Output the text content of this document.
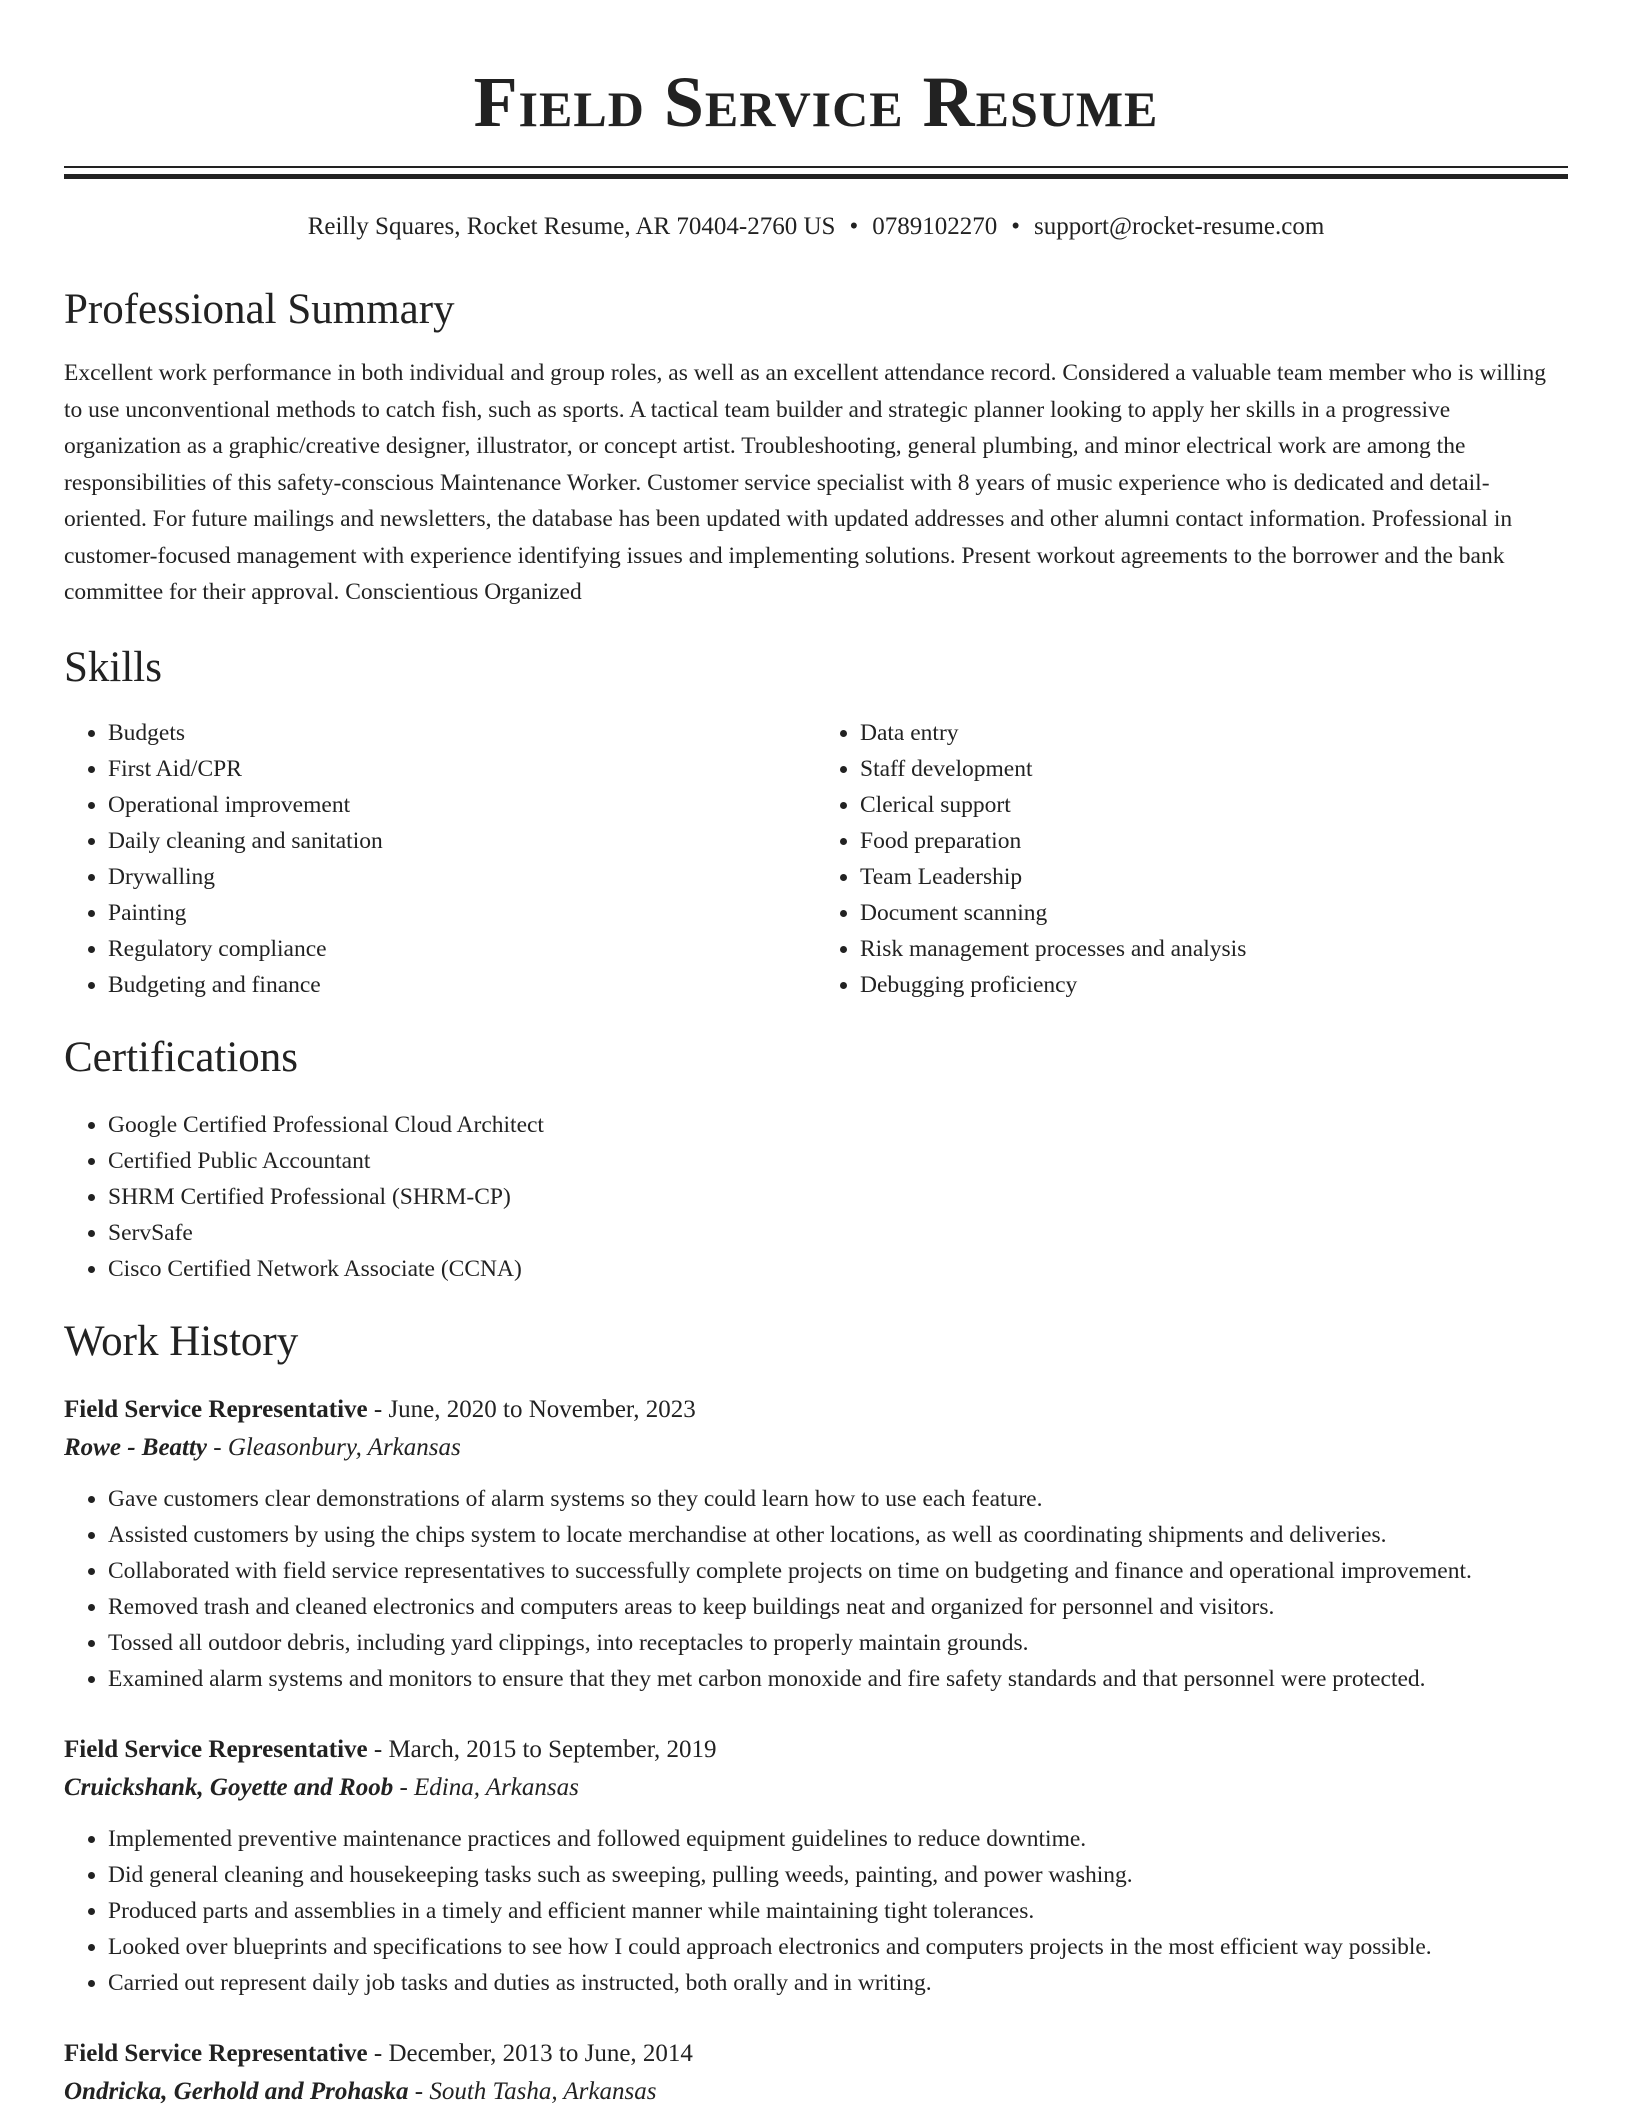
Field Service Resume
Reilly Squares, Rocket Resume, AR 70404-2760 US • 0789102270 • support@rocket-resume.com
Professional Summary
Excellent work performance in both individual and group roles, as well as an excellent attendance record. Considered a valuable team member who is willing to use unconventional methods to catch fish, such as sports. A tactical team builder and strategic planner looking to apply her skills in a progressive organization as a graphic/creative designer, illustrator, or concept artist. Troubleshooting, general plumbing, and minor electrical work are among the responsibilities of this safety-conscious Maintenance Worker. Customer service specialist with 8 years of music experience who is dedicated and detail-oriented. For future mailings and newsletters, the database has been updated with updated addresses and other alumni contact information. Professional in customer-focused management with experience identifying issues and implementing solutions. Present workout agreements to the borrower and the bank committee for their approval. Conscientious Organized
Skills
• Budgets
• First Aid/CPR
• Operational improvement
• Daily cleaning and sanitation
• Drywalling
• Painting
• Regulatory compliance
• Budgeting and finance
• Data entry
• Staff development
• Clerical support
• Food preparation
• Team Leadership
• Document scanning
• Risk management processes and analysis
• Debugging proficiency
Certifications
• Google Certified Professional Cloud Architect
• Certified Public Accountant
• SHRM Certified Professional (SHRM-CP)
• ServSafe
• Cisco Certified Network Associate (CCNA)
Work History
Field Service Representative - June, 2020 to November, 2023
Rowe - Beatty - Gleasonbury, Arkansas
• Gave customers clear demonstrations of alarm systems so they could learn how to use each feature.
• Assisted customers by using the chips system to locate merchandise at other locations, as well as coordinating shipments and deliveries.
• Collaborated with field service representatives to successfully complete projects on time on budgeting and finance and operational improvement.
• Removed trash and cleaned electronics and computers areas to keep buildings neat and organized for personnel and visitors.
• Tossed all outdoor debris, including yard clippings, into receptacles to properly maintain grounds.
• Examined alarm systems and monitors to ensure that they met carbon monoxide and fire safety standards and that personnel were protected.
Field Service Representative - March, 2015 to September, 2019
Cruickshank, Goyette and Roob - Edina, Arkansas
• Implemented preventive maintenance practices and followed equipment guidelines to reduce downtime.
• Did general cleaning and housekeeping tasks such as sweeping, pulling weeds, painting, and power washing.
• Produced parts and assemblies in a timely and efficient manner while maintaining tight tolerances.
• Looked over blueprints and specifications to see how I could approach electronics and computers projects in the most efficient way possible.
• Carried out represent daily job tasks and duties as instructed, both orally and in writing.
Field Service Representative - December, 2013 to June, 2014
Ondricka, Gerhold and Prohaska - South Tasha, Arkansas
